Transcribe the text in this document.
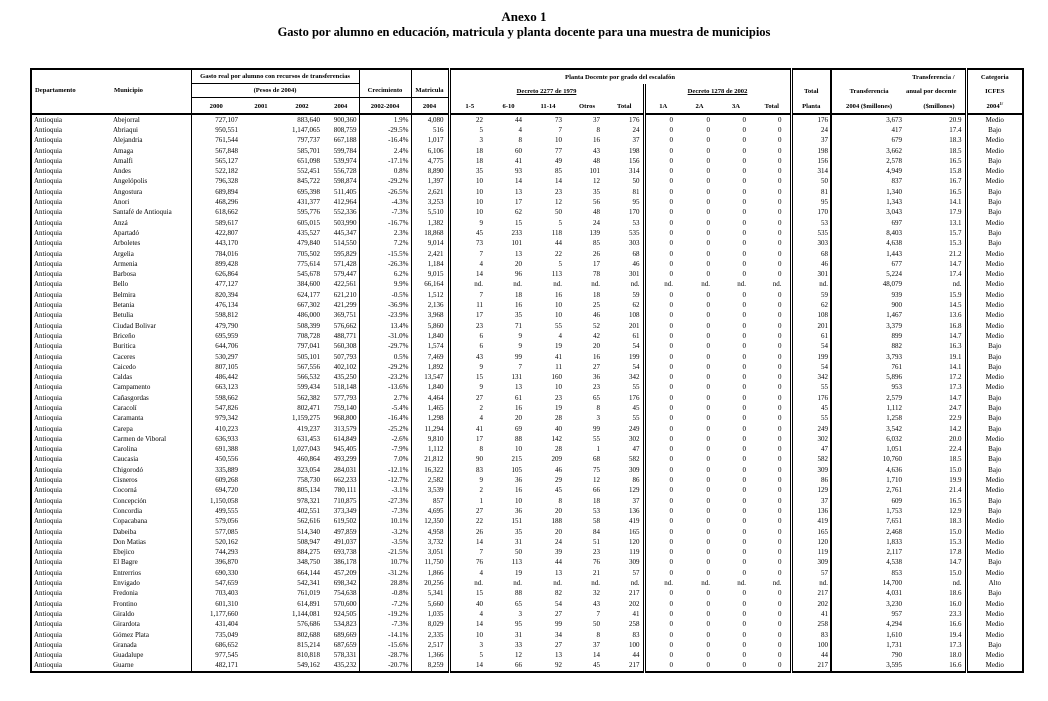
Anexo 1
Gasto por alumno en educación, matricula y planta docente para una muestra de municipios
Departamento	Municipio	Gasto real por alumno con recursos de transferencias						Planta Docente por grado del escalafón											Transferencia /	Categoria
		(Pesos de 2004)				Crecimiento	Matricula	Decreto 2277 de 1979					Decreto 1278 de 2002				Total	Transferencia	anual por docente	ICFES
		2000	2001	2002	2004	2002-2004	2004	1-5	6-10	11-14	Otros	Total	1A	2A	3A	Total	Planta	2004 ($millones)	($millones)	$2004^{1/}$
Antioquia	Abejorral	727,107		883,640	900,360	1.9%	4,080	22	44	73	37	176	0	0	0	0	176	3,673	20.9	Medio
Antioquia	Abriaqui	950,551		1,147,065	808,759	-29.5%	516	5	4	7	8	24	0	0	0	0	24	417	17.4	Bajo
Antioquia	Alejandria	761,544		797,737	667,188	-16.4%	1,017	3	8	10	16	37	0	0	0	0	37	679	18.3	Medio
Antioquia	Amaga	567,848		585,701	599,784	2.4%	6,106	18	60	77	43	198	0	0	0	0	198	3,662	18.5	Medio
Antioquia	Amalfi	565,127		651,098	539,974	-17.1%	4,775	18	41	49	48	156	0	0	0	0	156	2,578	16.5	Bajo
Antioquia	Andes	522,182		552,451	556,728	0.8%	8,890	35	93	85	101	314	0	0	0	0	314	4,949	15.8	Medio
Antioquia	Angelópolis	796,328		845,722	598,874	-29.2%	1,397	10	14	14	12	50	0	0	0	0	50	837	16.7	Medio
Antioquia	Angostura	689,894		695,398	511,405	-26.5%	2,621	10	13	23	35	81	0	0	0	0	81	1,340	16.5	Bajo
Antioquia	Anori	468,296		431,377	412,964	-4.3%	3,253	10	17	12	56	95	0	0	0	0	95	1,343	14.1	Bajo
Antioquia	Santafé de Antioquia	618,662		595,776	552,336	-7.3%	5,510	10	62	50	48	170	0	0	0	0	170	3,043	17.9	Bajo
Antioquia	Anzá	589,617		605,015	503,990	-16.7%	1,382	9	15	5	24	53	0	0	0	0	53	697	13.1	Medio
Antioquia	Apartadó	422,807		435,527	445,347	2.3%	18,868	45	233	118	139	535	0	0	0	0	535	8,403	15.7	Bajo
Antioquia	Arboletes	443,170		479,840	514,550	7.2%	9,014	73	101	44	85	303	0	0	0	0	303	4,638	15.3	Bajo
Antioquia	Argelia	784,016		705,502	595,829	-15.5%	2,421	7	13	22	26	68	0	0	0	0	68	1,443	21.2	Medio
Antioquia	Armenia	899,428		775,614	571,428	-26.3%	1,184	4	20	5	17	46	0	0	0	0	46	677	14.7	Medio
Antioquia	Barbosa	626,864		545,678	579,447	6.2%	9,015	14	96	113	78	301	0	0	0	0	301	5,224	17.4	Medio
Antioquia	Bello	477,127		384,600	422,561	9.9%	66,164	nd.	nd.	nd.	nd.	nd.	nd.	nd.	nd.	nd.	nd.	48,079	nd.	Medio
Antioquia	Belmira	820,394		624,177	621,210	-0.5%	1,512	7	18	16	18	59	0	0	0	0	59	939	15.9	Medio
Antioquia	Betania	476,134		667,302	421,299	-36.9%	2,136	11	16	10	25	62	0	0	0	0	62	900	14.5	Medio
Antioquia	Betulia	598,812		486,000	369,751	-23.9%	3,968	17	35	10	46	108	0	0	0	0	108	1,467	13.6	Medio
Antioquia	Ciudad Bolivar	479,790		508,399	576,662	13.4%	5,860	23	71	55	52	201	0	0	0	0	201	3,379	16.8	Medio
Antioquia	Briceño	695,959		708,728	488,771	-31.0%	1,840	6	9	4	42	61	0	0	0	0	61	899	14.7	Medio
Antioquia	Buritica	644,706		797,041	560,308	-29.7%	1,574	6	9	19	20	54	0	0	0	0	54	882	16.3	Bajo
Antioquia	Caceres	530,297		505,101	507,793	0.5%	7,469	43	99	41	16	199	0	0	0	0	199	3,793	19.1	Bajo
Antioquia	Caicedo	807,105		567,556	402,102	-29.2%	1,892	9	7	11	27	54	0	0	0	0	54	761	14.1	Bajo
Antioquia	Caldas	486,442		566,532	435,250	-23.2%	13,547	15	131	160	36	342	0	0	0	0	342	5,896	17.2	Medio
Antioquia	Campamento	663,123		599,434	518,148	-13.6%	1,840	9	13	10	23	55	0	0	0	0	55	953	17.3	Medio
Antioquia	Cañasgordas	598,662		562,382	577,793	2.7%	4,464	27	61	23	65	176	0	0	0	0	176	2,579	14.7	Bajo
Antioquia	Caracolí	547,826		802,471	759,140	-5.4%	1,465	2	16	19	8	45	0	0	0	0	45	1,112	24.7	Bajo
Antioquia	Caramanta	979,342		1,159,275	968,800	-16.4%	1,298	4	20	28	3	55	0	0	0	0	55	1,258	22.9	Bajo
Antioquia	Carepa	410,223		419,237	313,579	-25.2%	11,294	41	69	40	99	249	0	0	0	0	249	3,542	14.2	Bajo
Antioquia	Carmen de Viboral	636,933		631,453	614,849	-2.6%	9,810	17	88	142	55	302	0	0	0	0	302	6,032	20.0	Medio
Antioquia	Carolina	691,388		1,027,043	945,405	-7.9%	1,112	8	10	28	1	47	0	0	0	0	47	1,051	22.4	Bajo
Antioquia	Caucasia	450,556		460,864	493,299	7.0%	21,812	90	215	209	68	582	0	0	0	0	582	10,760	18.5	Bajo
Antioquia	Chigorodó	335,889		323,054	284,031	-12.1%	16,322	83	105	46	75	309	0	0	0	0	309	4,636	15.0	Bajo
Antioquia	Cisneros	609,268		758,730	662,233	-12.7%	2,582	9	36	29	12	86	0	0	0	0	86	1,710	19.9	Medio
Antioquia	Cocorná	694,720		805,134	780,111	-3.1%	3,539	2	16	45	66	129	0	0	0	0	129	2,761	21.4	Medio
Antioquia	Concepción	1,150,058		978,321	710,875	-27.3%	857	1	10	8	18	37	0	0	0	0	37	609	16.5	Bajo
Antioquia	Concordia	499,555		402,551	373,349	-7.3%	4,695	27	36	20	53	136	0	0	0	0	136	1,753	12.9	Bajo
Antioquia	Copacabana	579,056		562,616	619,502	10.1%	12,350	22	151	188	58	419	0	0	0	0	419	7,651	18.3	Medio
Antioquia	Dabeiba	577,085		514,340	497,859	-3.2%	4,958	26	35	20	84	165	0	0	0	0	165	2,468	15.0	Medio
Antioquia	Don Matias	520,162		508,947	491,037	-3.5%	3,732	14	31	24	51	120	0	0	0	0	120	1,833	15.3	Medio
Antioquia	Ebejico	744,293		884,275	693,738	-21.5%	3,051	7	50	39	23	119	0	0	0	0	119	2,117	17.8	Medio
Antioquia	El Bagre	396,870		348,750	386,178	10.7%	11,750	76	113	44	76	309	0	0	0	0	309	4,538	14.7	Bajo
Antioquia	Entrerrios	690,330		664,144	457,209	-31.2%	1,866	4	19	13	21	57	0	0	0	0	57	853	15.0	Medio
Antioquia	Envigado	547,659		542,341	698,342	28.8%	20,256	nd.	nd.	nd.	nd.	nd.	nd.	nd.	nd.	nd.	nd.	14,700	nd.	Alto
Antioquia	Fredonia	703,403		761,019	754,638	-0.8%	5,341	15	88	82	32	217	0	0	0	0	217	4,031	18.6	Bajo
Antioquia	Frontino	601,310		614,891	570,600	-7.2%	5,660	40	65	54	43	202	0	0	0	0	202	3,230	16.0	Medio
Antioquia	Giraldo	1,177,660		1,144,081	924,505	-19.2%	1,035	4	3	27	7	41	0	0	0	0	41	957	23.3	Medio
Antioquia	Girardota	431,404		576,686	534,823	-7.3%	8,029	14	95	99	50	258	0	0	0	0	258	4,294	16.6	Medio
Antioquia	Gómez Plata	735,049		802,688	689,669	-14.1%	2,335	10	31	34	8	83	0	0	0	0	83	1,610	19.4	Medio
Antioquia	Granada	686,652		815,214	687,659	-15.6%	2,517	3	33	27	37	100	0	0	0	0	100	1,731	17.3	Bajo
Antioquia	Guadalupe	977,545		810,818	578,331	-28.7%	1,366	5	12	13	14	44	0	0	0	0	44	790	18.0	Medio
Antioquia	Guarne	482,171		549,162	435,232	-20.7%	8,259	14	66	92	45	217	0	0	0	0	217	3,595	16.6	Medio
